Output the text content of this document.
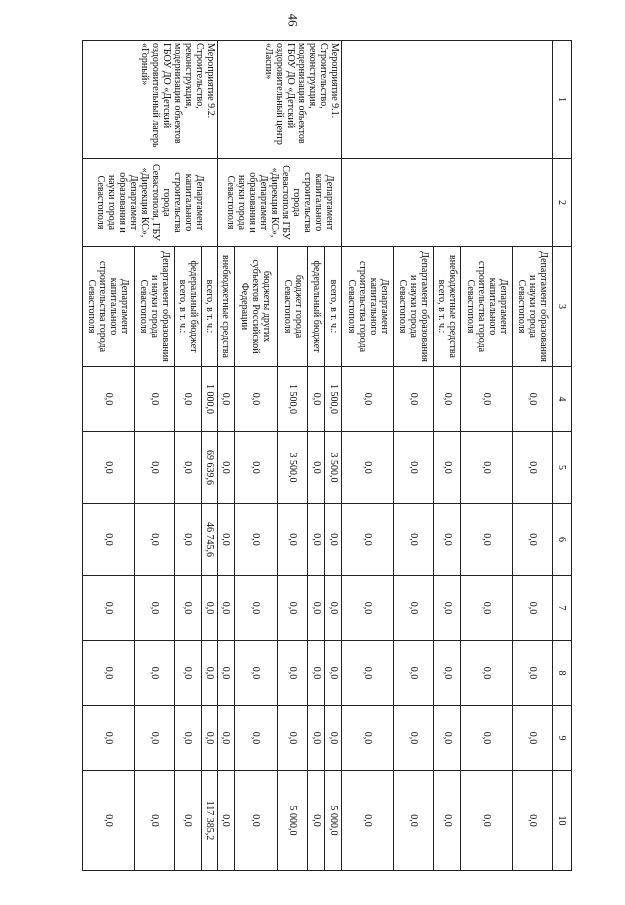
46
1	2	3	4	5	6	7	8	9	10
		Департамент образования и науки города Севастополя	0,0	0,0	0,0	0,0	0,0	0,0	0,0
		Департамент капитального строительства города Севастополя	0,0	0,0	0,0	0,0	0,0	0,0	0,0
		внебюджетные средства всего, в т. ч.:	0,0	0,0	0,0	0,0	0,0	0,0	0,0
		Департамент образования и науки города Севастополя	0,0	0,0	0,0	0,0	0,0	0,0	0,0
		Департамент капитального строительства города Севастополя	0,0	0,0	0,0	0,0	0,0	0,0	0,0
Мероприятие 9.1. Строительство, реконструкция, модернизация объектов ГБОУ ДО «Детский оздоровительный центр «Ласпи»	Департамент капитального строительства города Севастополя ГБУ «Дирекция КС», Департамент образования и науки города Севастополя	всего, в т. ч.:	1 500,0	3 500,0	0,0	0,0	0,0	0,0	5 000,0
		федеральный бюджет	0,0	0,0	0,0	0,0	0,0	0,0	0,0
		бюджет города Севастополя	1 500,0	3 500,0	0,0	0,0	0,0	0,0	5 000,0
		бюджеты других субъектов Российской Федерации	0,0	0,0	0,0	0,0	0,0	0,0	0,0
		внебюджетные средства	0,0	0,0	0,0	0,0	0,0	0,0	0,0
Мероприятие 9.2. Строительство, реконструкция, модернизация объектов ГБОУ ДО «Детский оздоровительный лагерь «Горный»	Департамент капитального строительства города Севастополя, ГБУ «Дирекция КС», Департамент образования и науки города Севастополя	всего, в т. ч.:	1 000,0	69 639,6	46 745,6	0,0	0,0	0,0	117 385,2
		федеральный бюджет всего, в т. ч.:	0,0	0,0	0,0	0,0	0,0	0,0	0,0
		Департамент образования и науки города Севастополя	0,0	0,0	0,0	0,0	0,0	0,0	0,0
		Департамент капитального строительства города Севастополя	0,0	0,0	0,0	0,0	0,0	0,0	0,0
